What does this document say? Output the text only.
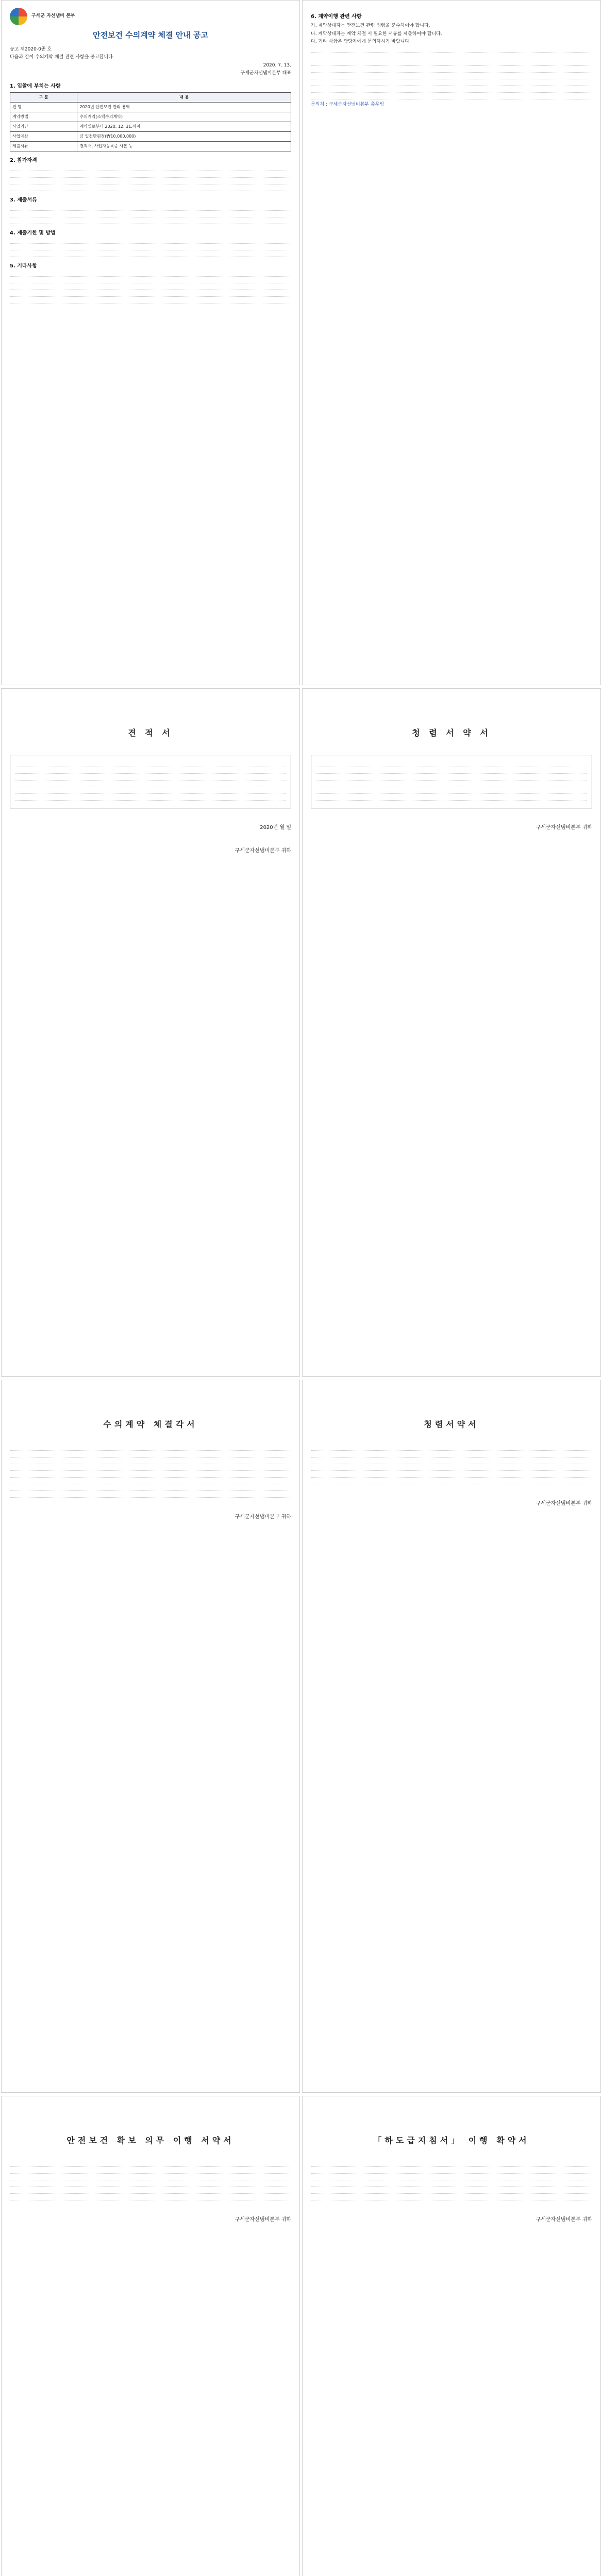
구세군 자선냄비 본부
안전보건 수의계약 체결 안내 공고
공고 제2020-0종 호
다음과 같이 수의계약 체결 관련 사항을 공고합니다.
2020. 7. 13.
구세군자선냄비본부 대표
1. 입찰에 부치는 사항
구 분	내 용
건 명	2020년 안전보건 관리 용역
계약방법	수의계약(소액수의계약)
사업기간	계약일로부터 2020. 12. 31.까지
사업예산	금 일천만원정(₩10,000,000)
제출서류	견적서, 사업자등록증 사본 등
2. 참가자격
3. 제출서류
4. 제출기한 및 방법
5. 기타사항
6. 계약이행 관련 사항

가. 계약상대자는 안전보건 관련 법령을 준수하여야 합니다.

나. 계약상대자는 계약 체결 시 필요한 서류를 제출하여야 합니다.

다. 기타 사항은 담당자에게 문의하시기 바랍니다.

문의처 : 구세군자선냄비본부 총무팀

견 적 서
2020년 월 일
구세군자선냄비본부 귀하
청 렴 서 약 서
구세군자선냄비본부 귀하
수의계약 체결각서
구세군자선냄비본부 귀하
청렴서약서
구세군자선냄비본부 귀하
안전보건 확보 의무 이행 서약서
구세군자선냄비본부 귀하
「하도급지침서」 이행 확약서
구세군자선냄비본부 귀하
